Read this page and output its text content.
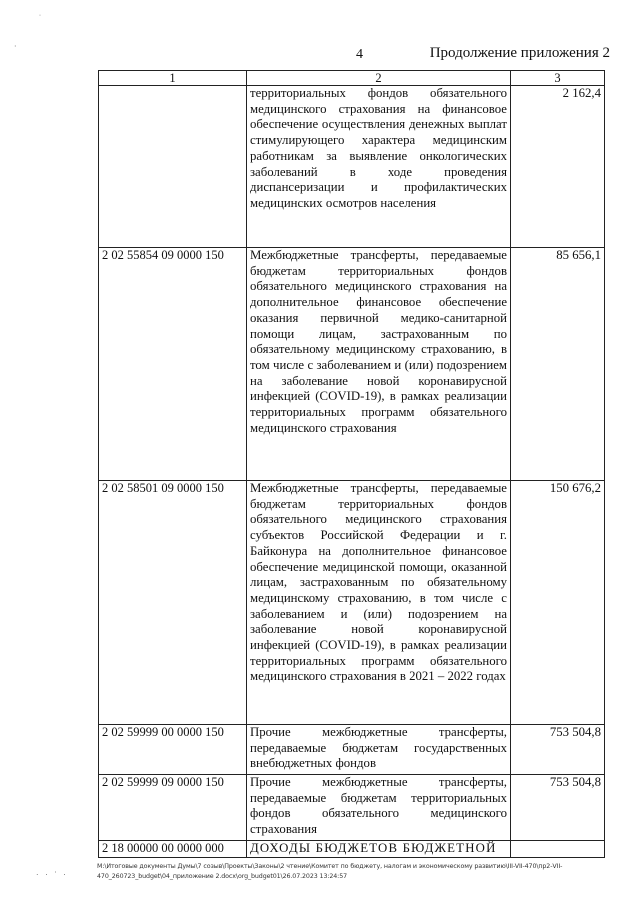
˙
·
. . · .
4	Продолжение приложения 2
1	2	3
	территориальных фондов обязательного медицинского страхования на финансовое обеспечение осуществления денежных выплат стимулирующего характера медицинским работникам за выявление онкологических заболеваний в ходе проведения диспансеризации и профилактических медицинских осмотров населения	2 162,4
2 02 55854 09 0000 150	Межбюджетные трансферты, передаваемые бюджетам территориальных фондов обязательного медицинского страхования на дополнительное финансовое обеспечение оказания первичной медико-санитарной помощи лицам, застрахованным по обязательному медицинскому страхованию, в том числе с заболеванием и (или) подозрением на заболевание новой коронавирусной инфекцией (COVID-19), в рамках реализации территориальных программ обязательного медицинского страхования	85 656,1
2 02 58501 09 0000 150	Межбюджетные трансферты, передаваемые бюджетам территориальных фондов обязательного медицинского страхования субъектов Российской Федерации и г. Байконура на дополнительное финансовое обеспечение медицинской помощи, оказанной лицам, застрахованным по обязательному медицинскому страхованию, в том числе с заболеванием и (или) подозрением на заболевание новой коронавирусной инфекцией (COVID-19), в рамках реализации территориальных программ обязательного медицинского страхования в 2021 – 2022 годах	150 676,2
2 02 59999 00 0000 150	Прочие межбюджетные трансферты, передаваемые бюджетам государственных внебюджетных фондов	753 504,8
2 02 59999 09 0000 150	Прочие межбюджетные трансферты, передаваемые бюджетам территориальных фондов обязательного медицинского страхования	753 504,8
2 18 00000 00 0000 000	ДОХОДЫ БЮДЖЕТОВ БЮДЖЕТНОЙ	
M:\Итоговые документы Думы\7 созыв\Проекты\Законы\2 чтение\Комитет по бюджету, налогам и экономическому развитию\III-VII-470\пр2-VII-470_260723_budget\04_приложение 2.docx\org_budget01\26.07.2023 13:24:57
